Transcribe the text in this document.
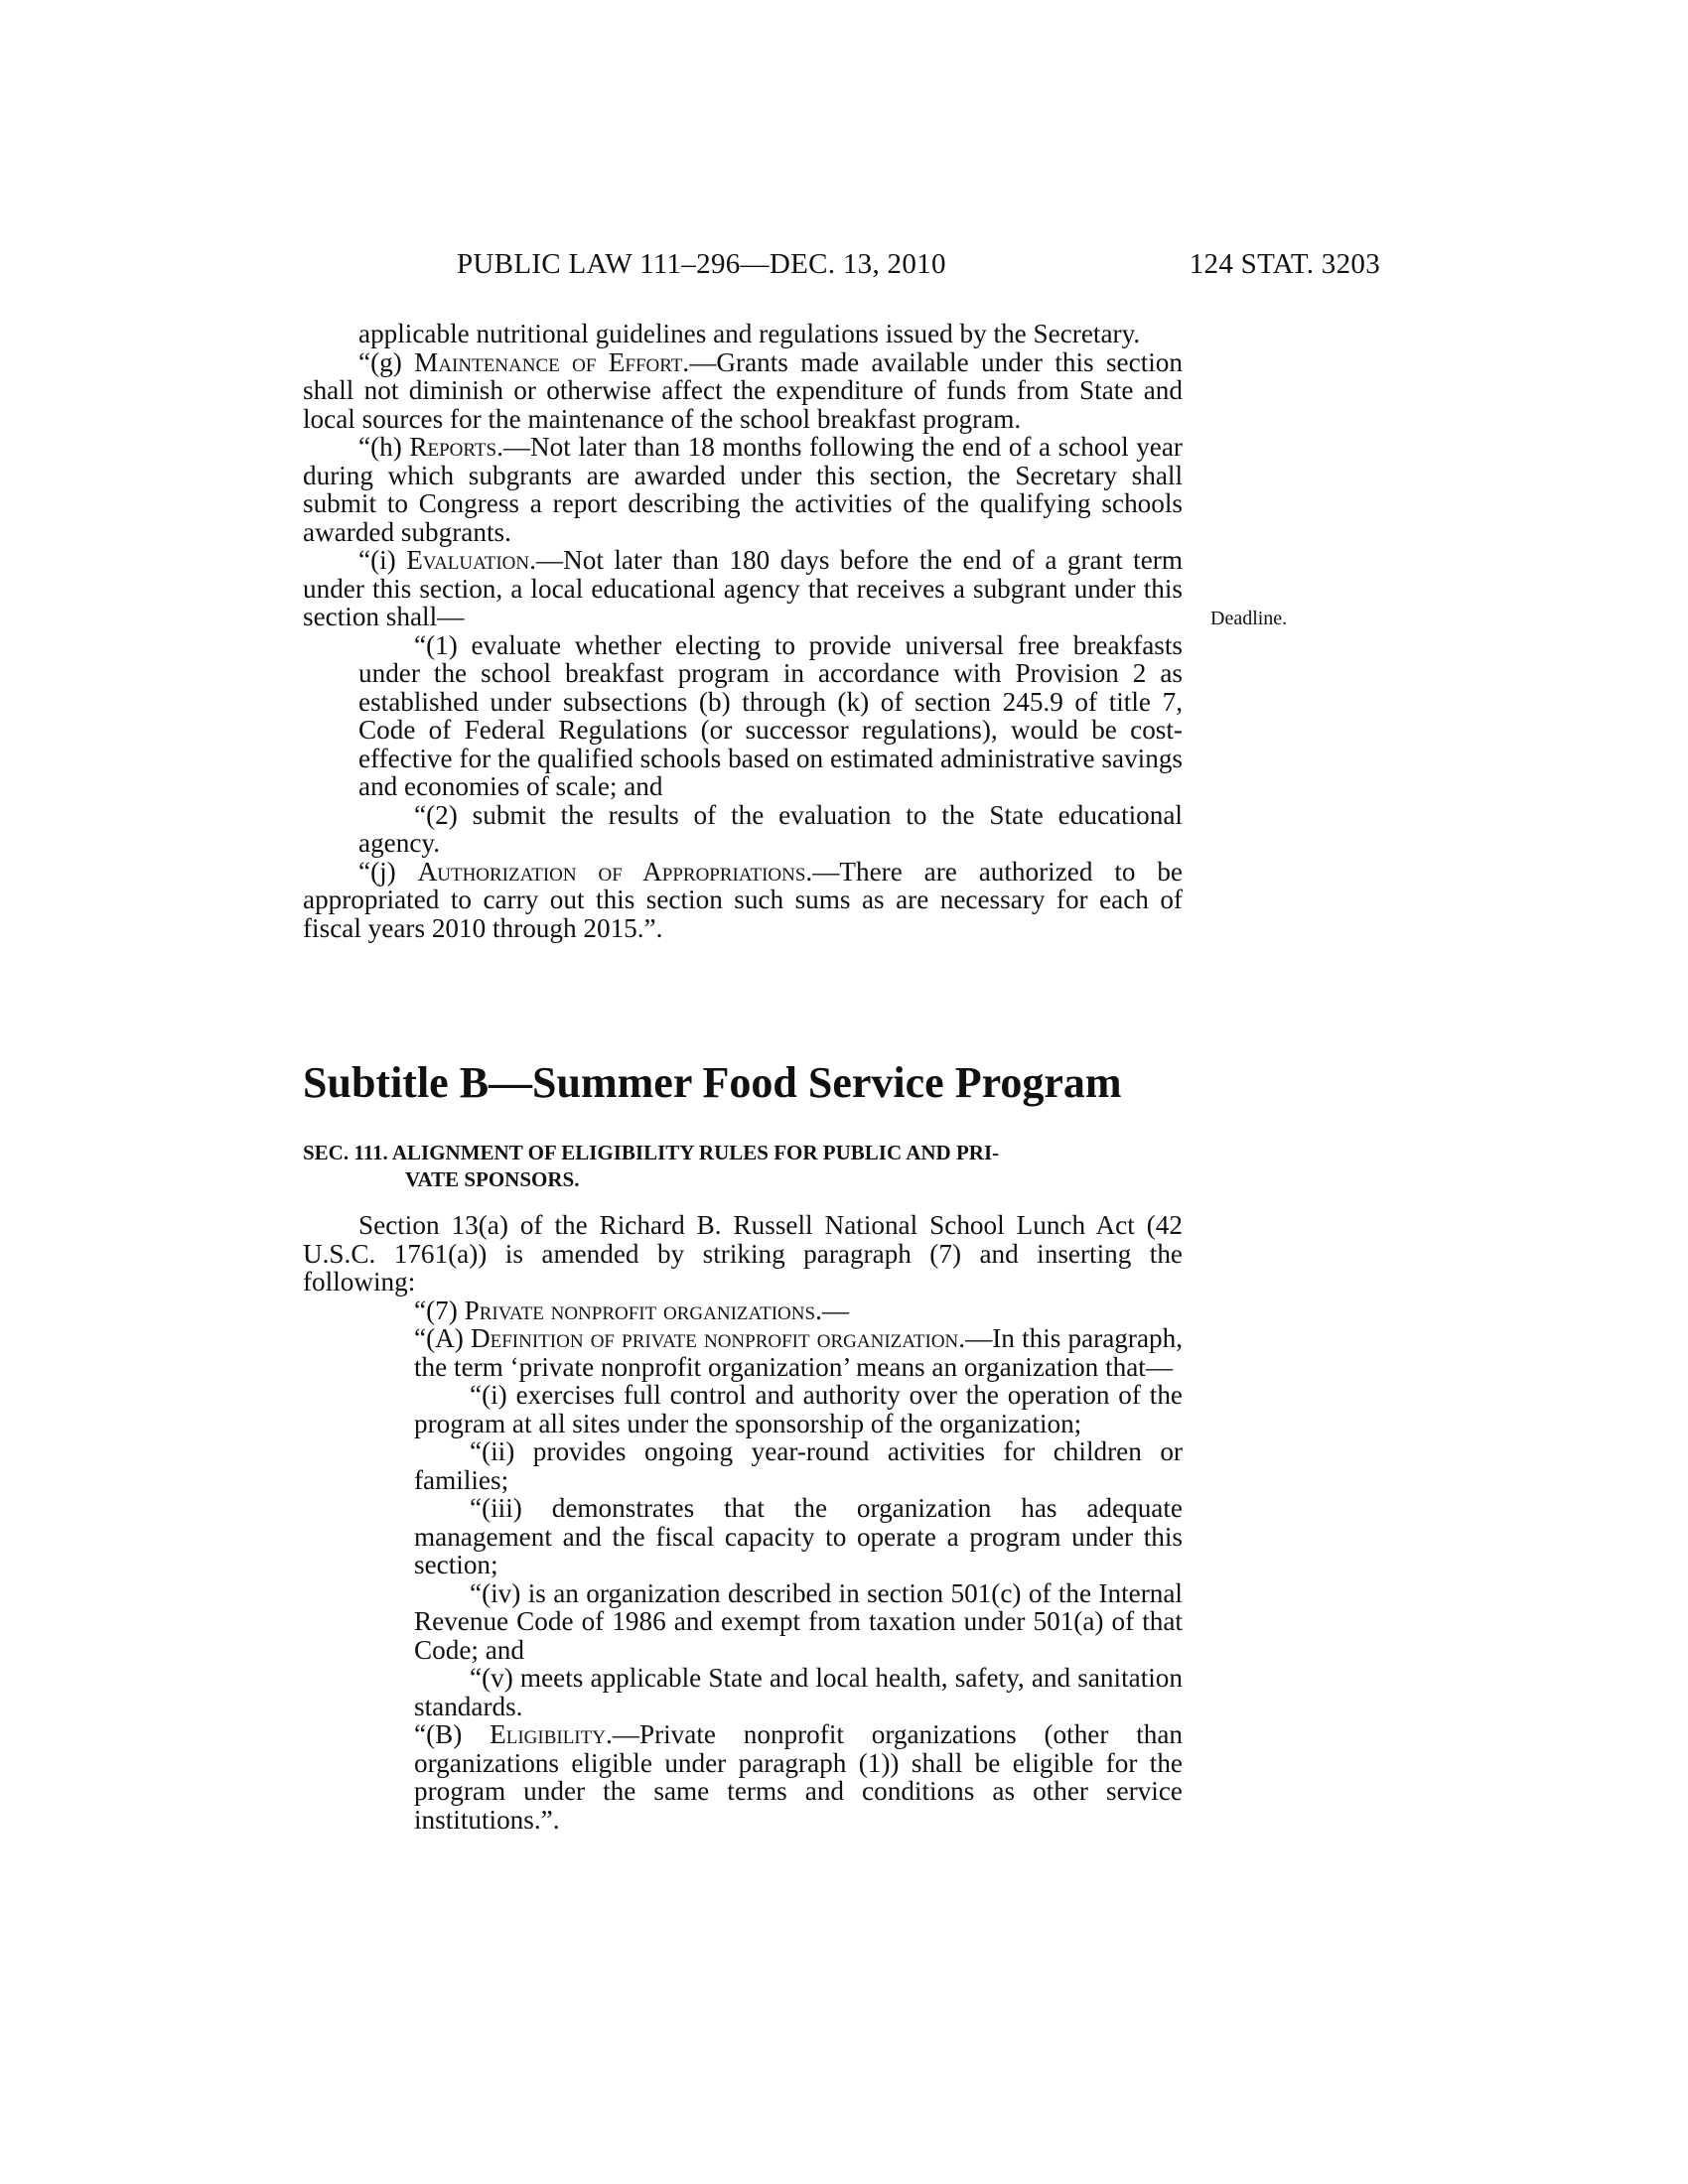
PUBLIC LAW 111–296—DEC. 13, 2010	124 STAT. 3203
Deadline.

applicable nutritional guidelines and regulations issued by the Secretary.

“(g) Maintenance of Effort.—Grants made available under this section shall not diminish or otherwise affect the expenditure of funds from State and local sources for the maintenance of the school breakfast program.

“(h) Reports.—Not later than 18 months following the end of a school year during which subgrants are awarded under this section, the Secretary shall submit to Congress a report describing the activities of the qualifying schools awarded subgrants.

“(i) Evaluation.—Not later than 180 days before the end of a grant term under this section, a local educational agency that receives a subgrant under this section shall—

“(1) evaluate whether electing to provide universal free breakfasts under the school breakfast program in accordance with Provision 2 as established under subsections (b) through (k) of section 245.9 of title 7, Code of Federal Regulations (or successor regulations), would be cost-effective for the qualified schools based on estimated administrative savings and economies of scale; and

“(2) submit the results of the evaluation to the State educational agency.

“(j) Authorization of Appropriations.—There are authorized to be appropriated to carry out this section such sums as are necessary for each of fiscal years 2010 through 2015.”.

Subtitle B—Summer Food Service Program
SEC. 111. ALIGNMENT OF ELIGIBILITY RULES FOR PUBLIC AND PRI-
VATE SPONSORS.

Section 13(a) of the Richard B. Russell National School Lunch Act (42 U.S.C. 1761(a)) is amended by striking paragraph (7) and inserting the following:

“(7) Private nonprofit organizations.—

“(A) Definition of private nonprofit organization.—In this paragraph, the term ‘private nonprofit organization’ means an organization that—

“(i) exercises full control and authority over the operation of the program at all sites under the sponsorship of the organization;

“(ii) provides ongoing year-round activities for children or families;

“(iii) demonstrates that the organization has adequate management and the fiscal capacity to operate a program under this section;

“(iv) is an organization described in section 501(c) of the Internal Revenue Code of 1986 and exempt from taxation under 501(a) of that Code; and

“(v) meets applicable State and local health, safety, and sanitation standards.

“(B) Eligibility.—Private nonprofit organizations (other than organizations eligible under paragraph (1)) shall be eligible for the program under the same terms and conditions as other service institutions.”.
